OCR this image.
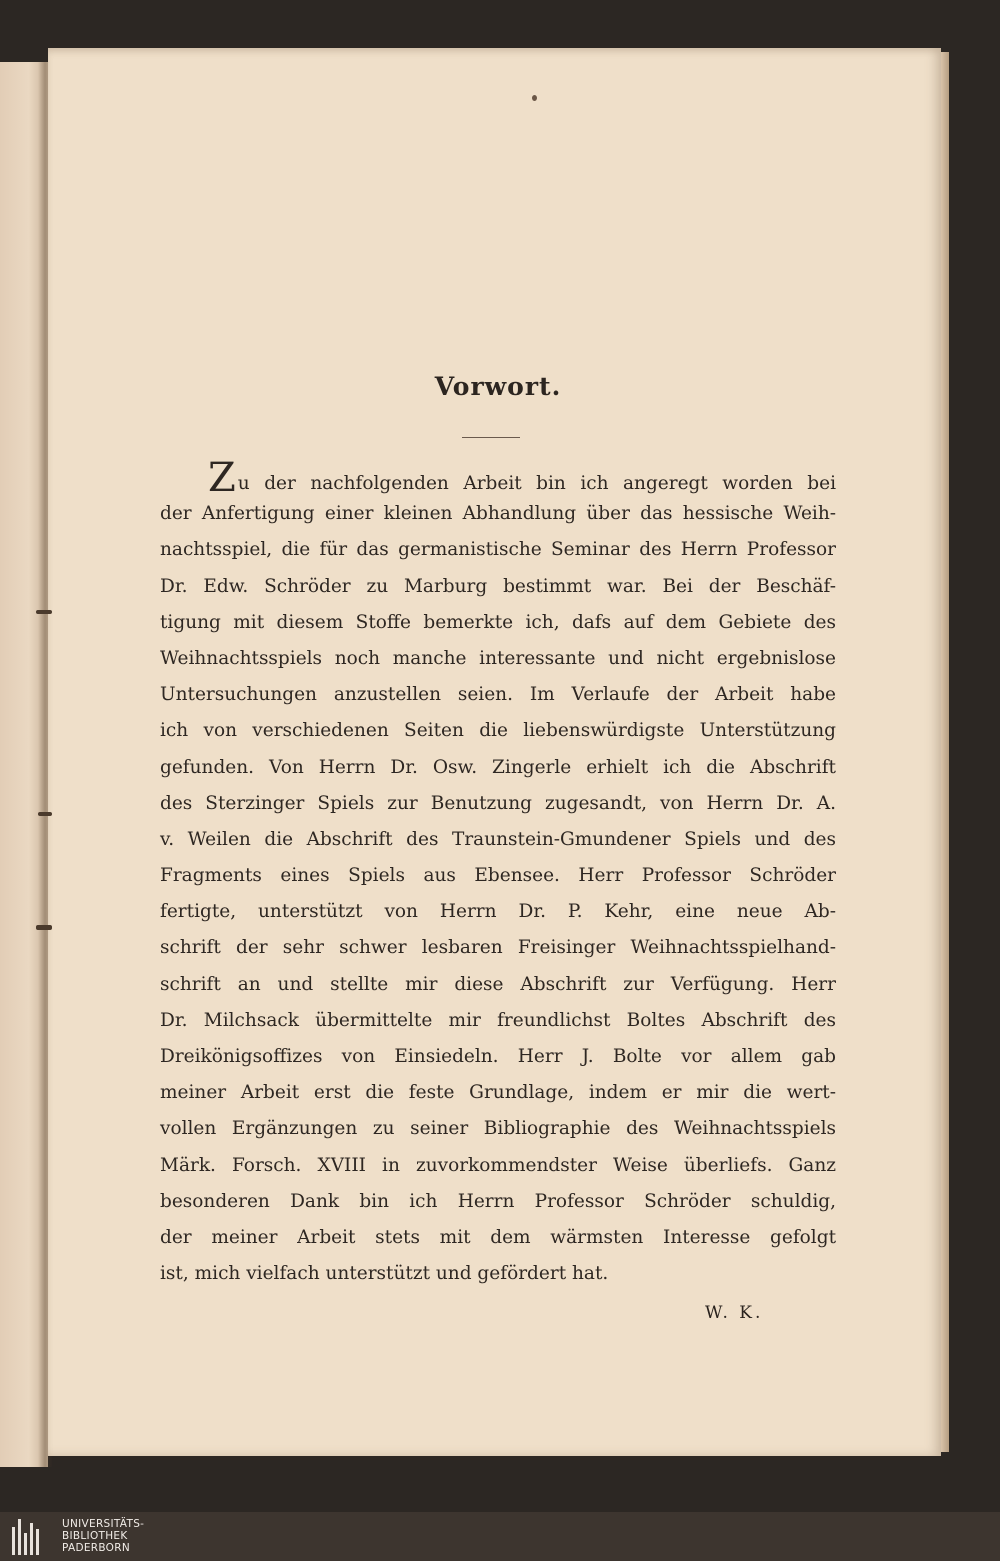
Vorwort.
Zu der nachfolgenden Arbeit bin ich angeregt worden bei
der Anfertigung einer kleinen Abhandlung über das hessische Weih-
nachtsspiel, die für das germanistische Seminar des Herrn Professor
Dr. Edw. Schröder zu Marburg bestimmt war. Bei der Beschäf-
tigung mit diesem Stoffe bemerkte ich, dafs auf dem Gebiete des
Weihnachtsspiels noch manche interessante und nicht ergebnislose
Untersuchungen anzustellen seien. Im Verlaufe der Arbeit habe
ich von verschiedenen Seiten die liebenswürdigste Unterstützung
gefunden. Von Herrn Dr. Osw. Zingerle erhielt ich die Abschrift
des Sterzinger Spiels zur Benutzung zugesandt, von Herrn Dr. A.
v. Weilen die Abschrift des Traunstein-Gmundener Spiels und des
Fragments eines Spiels aus Ebensee. Herr Professor Schröder
fertigte, unterstützt von Herrn Dr. P. Kehr, eine neue Ab-
schrift der sehr schwer lesbaren Freisinger Weihnachtsspielhand-
schrift an und stellte mir diese Abschrift zur Verfügung. Herr
Dr. Milchsack übermittelte mir freundlichst Boltes Abschrift des
Dreikönigsoffizes von Einsiedeln. Herr J. Bolte vor allem gab
meiner Arbeit erst die feste Grundlage, indem er mir die wert-
vollen Ergänzungen zu seiner Bibliographie des Weihnachtsspiels
Märk. Forsch. XVIII in zuvorkommendster Weise überliefs. Ganz
besonderen Dank bin ich Herrn Professor Schröder schuldig,
der meiner Arbeit stets mit dem wärmsten Interesse gefolgt
ist, mich vielfach unterstützt und gefördert hat.
W. K.
UNIVERSITÄTS-
BIBLIOTHEK
PADERBORN
